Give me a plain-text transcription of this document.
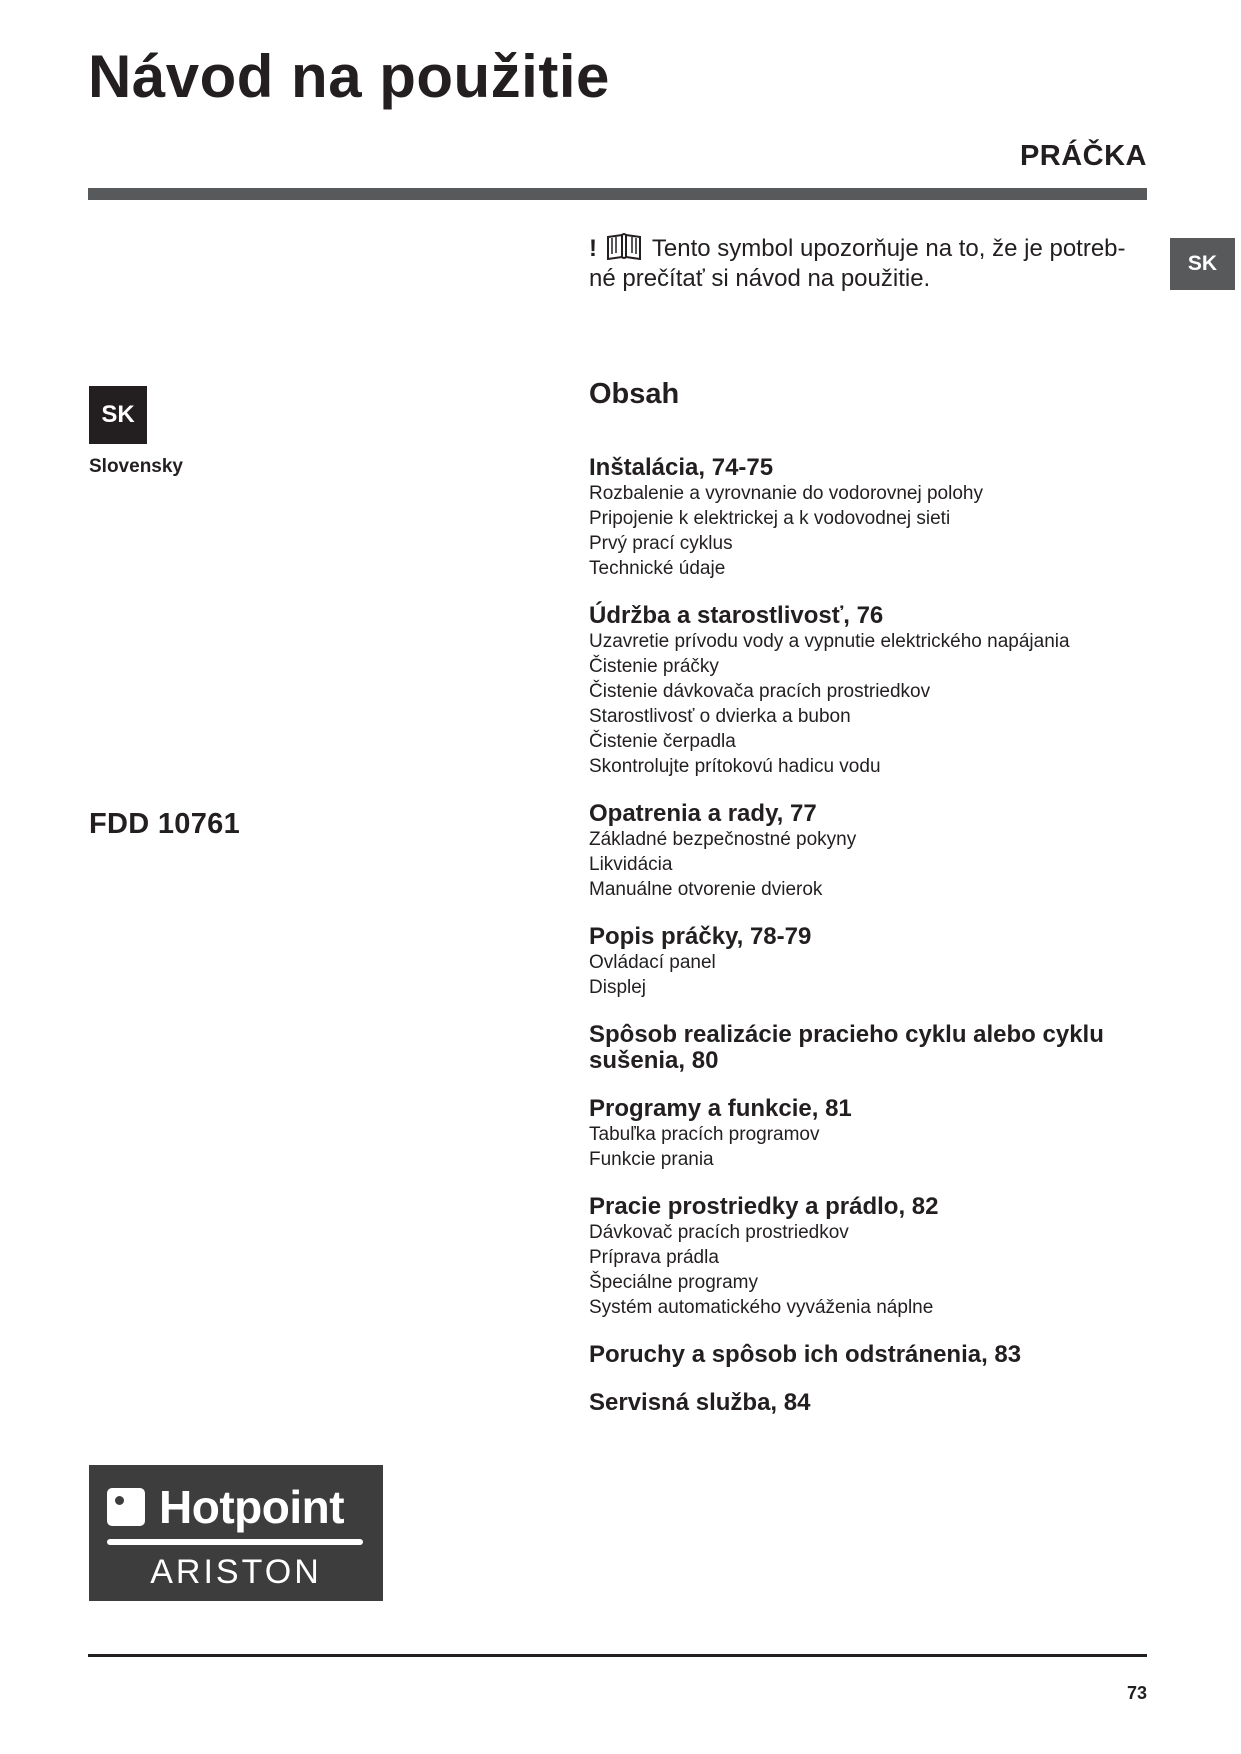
Návod na použitie
PRÁČKA
SK
! Tento symbol upozorňuje na to, že je potreb-né prečítať si návod na použitie.
SK
Slovensky
FDD 10761
Obsah
Inštalácia, 74-75
Rozbalenie a vyrovnanie do vodorovnej polohy
Pripojenie k elektrickej a k vodovodnej sieti
Prvý prací cyklus
Technické údaje
Údržba a starostlivosť, 76
Uzavretie prívodu vody a vypnutie elektrického napájania
Čistenie práčky
Čistenie dávkovača pracích prostriedkov
Starostlivosť o dvierka a bubon
Čistenie čerpadla
Skontrolujte prítokovú hadicu vodu
Opatrenia a rady, 77
Základné bezpečnostné pokyny
Likvidácia
Manuálne otvorenie dvierok
Popis práčky, 78-79
Ovládací panel
Displej
Spôsob realizácie pracieho cyklu alebo cyklu sušenia, 80
Programy a funkcie, 81
Tabuľka pracích programov
Funkcie prania
Pracie prostriedky a prádlo, 82
Dávkovač pracích prostriedkov
Príprava prádla
Špeciálne programy
Systém automatického vyváženia náplne
Poruchy a spôsob ich odstránenia, 83
Servisná služba, 84
Hotpoint
ARISTON
73
